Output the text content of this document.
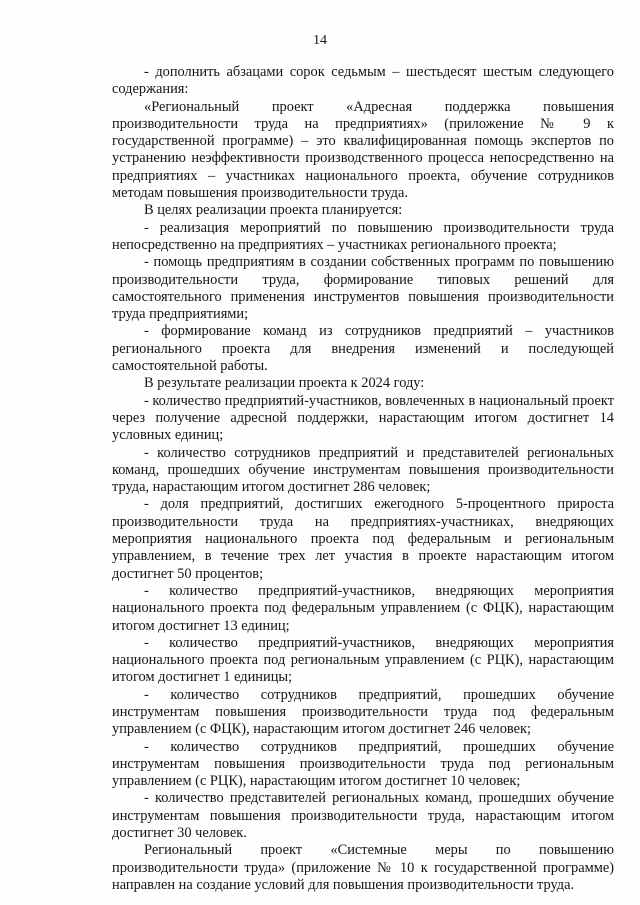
14

- дополнить абзацами сорок седьмым – шестьдесят шестым следующего содержания:

«Региональный проект «Адресная поддержка повышения производительности труда на предприятиях» (приложение № 9 к государственной программе) – это квалифицированная помощь экспертов по устранению неэффективности производственного процесса непосредственно на предприятиях – участниках национального проекта, обучение сотрудников методам повышения производительности труда.

В целях реализации проекта планируется:

- реализация мероприятий по повышению производительности труда непосредственно на предприятиях – участниках регионального проекта;

- помощь предприятиям в создании собственных программ по повышению производительности труда, формирование типовых решений для самостоятельного применения инструментов повышения производительности труда предприятиями;

- формирование команд из сотрудников предприятий – участников регионального проекта для внедрения изменений и последующей самостоятельной работы.

В результате реализации проекта к 2024 году:

- количество предприятий-участников, вовлеченных в национальный проект через получение адресной поддержки, нарастающим итогом достигнет 14 условных единиц;

- количество сотрудников предприятий и представителей региональных команд, прошедших обучение инструментам повышения производительности труда, нарастающим итогом достигнет 286 человек;

- доля предприятий, достигших ежегодного 5-процентного прироста производительности труда на предприятиях-участниках, внедряющих мероприятия национального проекта под федеральным и региональным управлением, в течение трех лет участия в проекте нарастающим итогом достигнет 50 процентов;

- количество предприятий-участников, внедряющих мероприятия национального проекта под федеральным управлением (с ФЦК), нарастающим итогом достигнет 13 единиц;

- количество предприятий-участников, внедряющих мероприятия национального проекта под региональным управлением (с РЦК), нарастающим итогом достигнет 1 единицы;

- количество сотрудников предприятий, прошедших обучение инструментам повышения производительности труда под федеральным управлением (с ФЦК), нарастающим итогом достигнет 246 человек;

- количество сотрудников предприятий, прошедших обучение инструментам повышения производительности труда под региональным управлением (с РЦК), нарастающим итогом достигнет 10 человек;

- количество представителей региональных команд, прошедших обучение инструментам повышения производительности труда, нарастающим итогом достигнет 30 человек.

Региональный проект «Системные меры по повышению производительности труда» (приложение № 10 к государственной программе) направлен на создание условий для повышения производительности труда.
